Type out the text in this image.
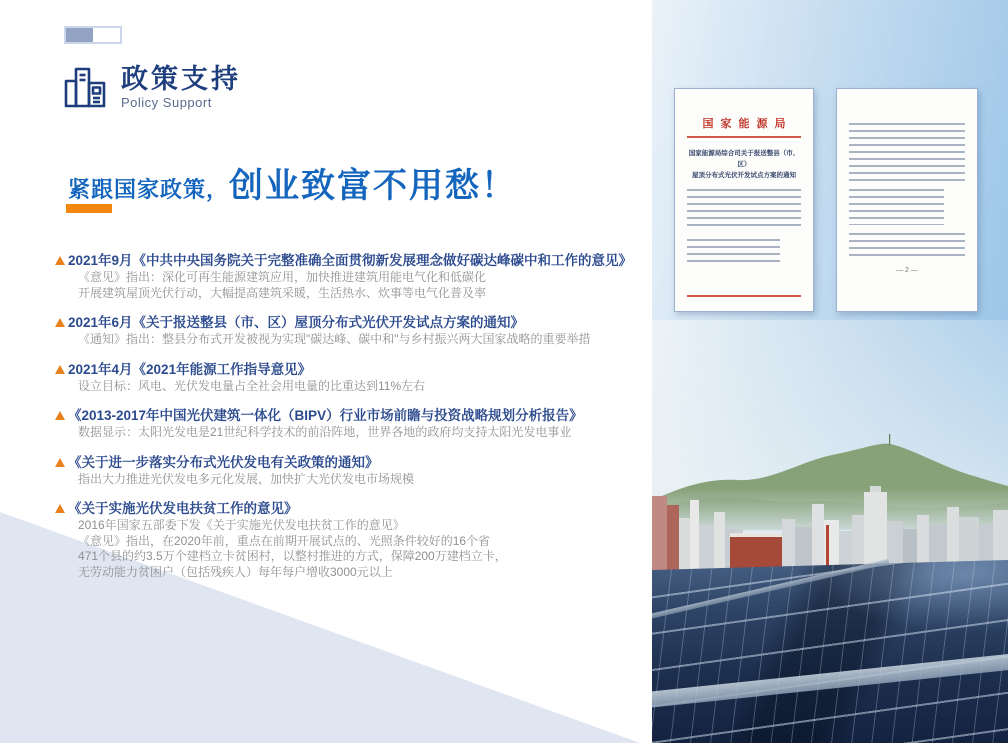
政策支持
Policy Support
紧跟国家政策，创业致富不用愁！
2021年9月《中共中央国务院关于完整准确全面贯彻新发展理念做好碳达峰碳中和工作的意见》
《意见》指出：深化可再生能源建筑应用，加快推进建筑用能电气化和低碳化
开展建筑屋顶光伏行动，大幅提高建筑采暖，生活热水、炊事等电气化普及率
2021年6月《关于报送整县（市、区）屋顶分布式光伏开发试点方案的通知》
《通知》指出：整县分布式开发被视为实现"碳达峰、碳中和"与乡村振兴两大国家战略的重要举措
2021年4月《2021年能源工作指导意见》
设立目标：风电、光伏发电量占全社会用电量的比重达到11%左右
《2013-2017年中国光伏建筑一体化（BIPV）行业市场前瞻与投资战略规划分析报告》
数据显示：太阳光发电是21世纪科学技术的前沿阵地，世界各地的政府均支持太阳光发电事业
《关于进一步落实分布式光伏发电有关政策的通知》
指出大力推进光伏发电多元化发展，加快扩大光伏发电市场规模
《关于实施光伏发电扶贫工作的意见》
2016年国家五部委下发《关于实施光伏发电扶贫工作的意见》
《意见》指出，在2020年前，重点在前期开展试点的、光照条件较好的16个省
471个县的约3.5万个建档立卡贫困村，以整村推进的方式，保障200万建档立卡，
无劳动能力贫困户（包括残疾人）每年每户增收3000元以上
国家能源局
国家能源局综合司关于报送整县（市、区）
屋顶分布式光伏开发试点方案的通知
— 2 —
